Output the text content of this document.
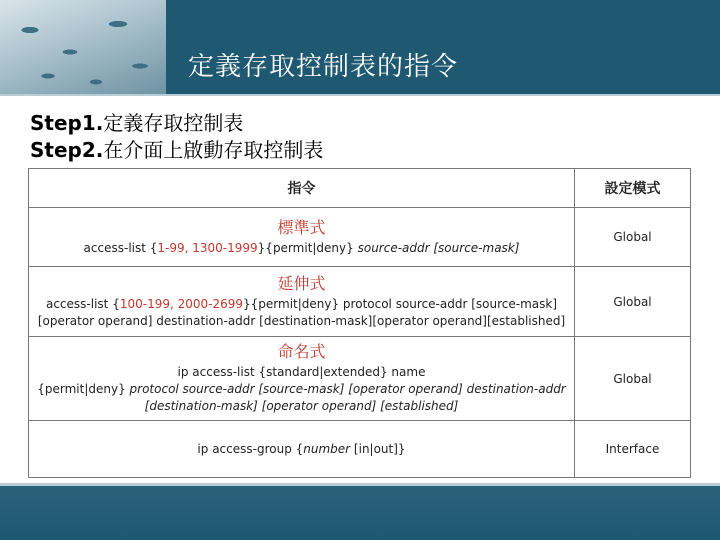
定義存取控制表的指令
Step1.定義存取控制表
Step2.在介面上啟動存取控制表
指令	設定模式

標準式
access-list {1-99, 1300-1999}{permit|deny} source-addr [source-mask]	Global

延伸式
access-list {100-199, 2000-2699}{permit|deny} protocol source-addr [source-mask]
[operator operand] destination-addr [destination-mask][operator operand][established]	Global

命名式
ip access-list {standard|extended} name
{permit|deny} protocol source-addr [source-mask] [operator operand] destination-addr
[destination-mask] [operator operand] [established]	Global

ip access-group {number [in|out]}	Interface
